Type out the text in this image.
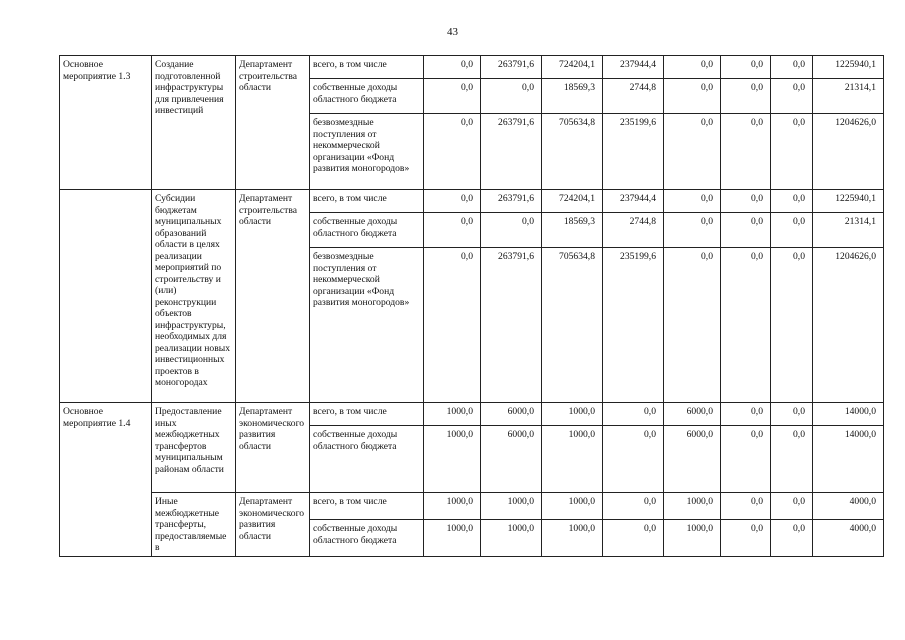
43
Основное мероприятие 1.3	Создание подготовленной инфраструктуры для привлечения инвестиций	Департамент строительства области	всего, в том числе	0,0	263791,6	724204,1	237944,4	0,0	0,0	0,0	1225940,1
			собственные доходы областного бюджета	0,0	0,0	18569,3	2744,8	0,0	0,0	0,0	21314,1
			безвозмездные поступления от некоммерческой организации «Фонд развития моногородов»	0,0	263791,6	705634,8	235199,6	0,0	0,0	0,0	1204626,0
	Субсидии бюджетам муниципальных образований области в целях реализации мероприятий по строительству и (или) реконструкции объектов инфраструктуры, необходимых для реализации новых инвестиционных проектов в моногородах	Департамент строительства области	всего, в том числе	0,0	263791,6	724204,1	237944,4	0,0	0,0	0,0	1225940,1
			собственные доходы областного бюджета	0,0	0,0	18569,3	2744,8	0,0	0,0	0,0	21314,1
			безвозмездные поступления от некоммерческой организации «Фонд развития моногородов»	0,0	263791,6	705634,8	235199,6	0,0	0,0	0,0	1204626,0
Основное мероприятие 1.4	Предоставление иных межбюджетных трансфертов муниципальным районам области	Департамент экономического развития области	всего, в том числе	1000,0	6000,0	1000,0	0,0	6000,0	0,0	0,0	14000,0
			собственные доходы областного бюджета	1000,0	6000,0	1000,0	0,0	6000,0	0,0	0,0	14000,0
	Иные межбюджетные трансферты, предоставляемые в	Департамент экономического развития области	всего, в том числе	1000,0	1000,0	1000,0	0,0	1000,0	0,0	0,0	4000,0
			собственные доходы областного бюджета	1000,0	1000,0	1000,0	0,0	1000,0	0,0	0,0	4000,0
